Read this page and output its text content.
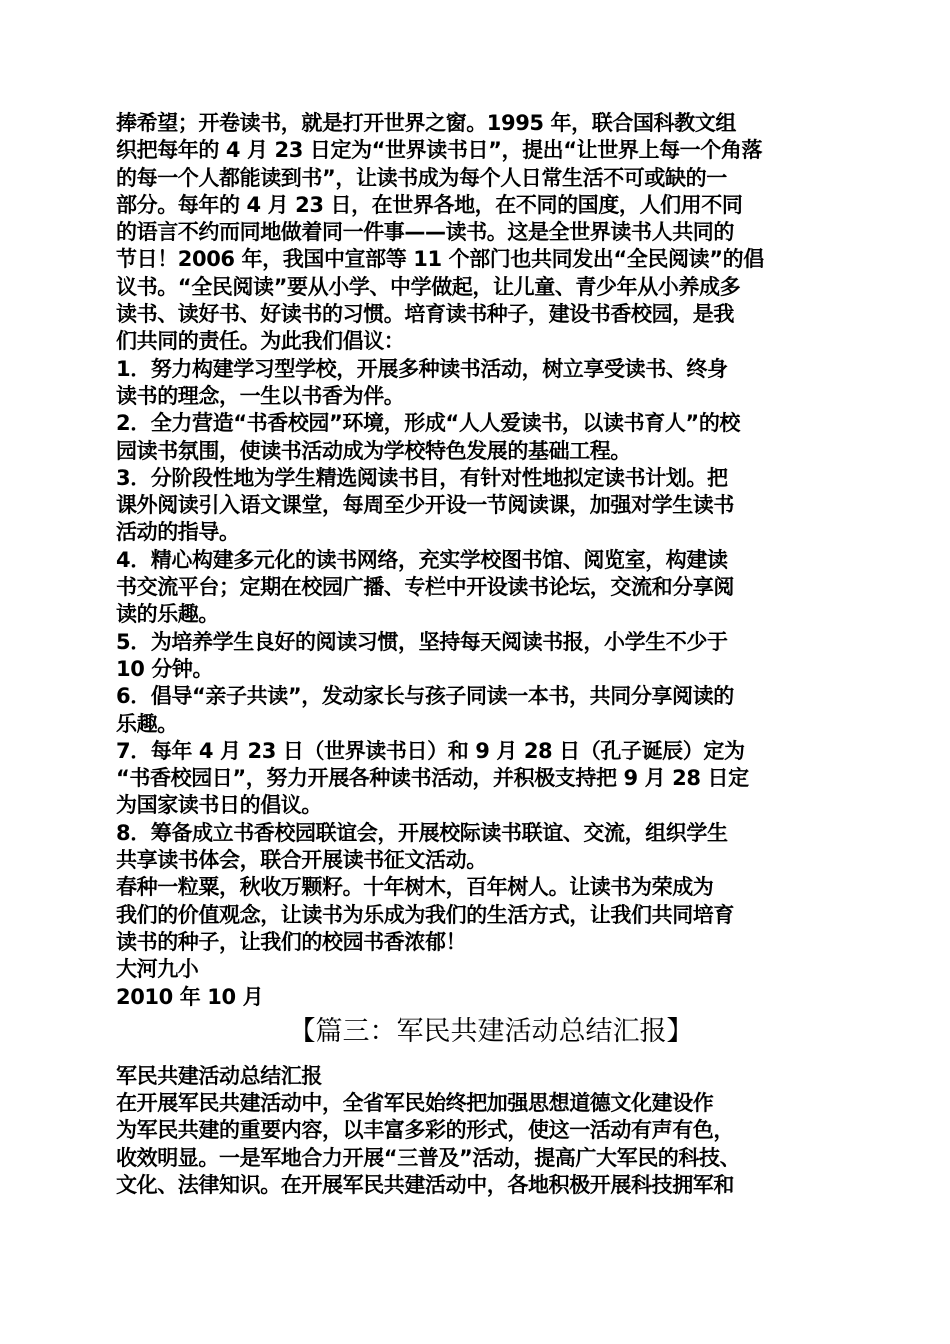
捧希望；开卷读书，就是打开世界之窗。1995 年，联合国科教文组
织把每年的 4 月 23 日定为“世界读书日”，提出“让世界上每一个角落
的每一个人都能读到书”，让读书成为每个人日常生活不可或缺的一
部分。每年的 4 月 23 日，在世界各地，在不同的国度，人们用不同
的语言不约而同地做着同一件事——读书。这是全世界读书人共同的
节日！2006 年，我国中宣部等 11 个部门也共同发出“全民阅读”的倡
议书。“全民阅读”要从小学、中学做起，让儿童、青少年从小养成多
读书、读好书、好读书的习惯。培育读书种子，建设书香校园，是我
们共同的责任。为此我们倡议：
1．努力构建学习型学校，开展多种读书活动，树立享受读书、终身
读书的理念，一生以书香为伴。
2．全力营造“书香校园”环境，形成“人人爱读书，以读书育人”的校
园读书氛围，使读书活动成为学校特色发展的基础工程。
3．分阶段性地为学生精选阅读书目，有针对性地拟定读书计划。把
课外阅读引入语文课堂，每周至少开设一节阅读课，加强对学生读书
活动的指导。
4．精心构建多元化的读书网络，充实学校图书馆、阅览室，构建读
书交流平台；定期在校园广播、专栏中开设读书论坛，交流和分享阅
读的乐趣。
5．为培养学生良好的阅读习惯，坚持每天阅读书报，小学生不少于
10 分钟。
6．倡导“亲子共读”，发动家长与孩子同读一本书，共同分享阅读的
乐趣。
7．每年 4 月 23 日（世界读书日）和 9 月 28 日（孔子诞辰）定为
“书香校园日”，努力开展各种读书活动，并积极支持把 9 月 28 日定
为国家读书日的倡议。
8．筹备成立书香校园联谊会，开展校际读书联谊、交流，组织学生
共享读书体会，联合开展读书征文活动。
春种一粒粟，秋收万颗籽。十年树木，百年树人。让读书为荣成为
我们的价值观念，让读书为乐成为我们的生活方式，让我们共同培育
读书的种子，让我们的校园书香浓郁！
大河九小
2010 年 10 月
【篇三：军民共建活动总结汇报】
军民共建活动总结汇报
在开展军民共建活动中，全省军民始终把加强思想道德文化建设作
为军民共建的重要内容，以丰富多彩的形式，使这一活动有声有色，
收效明显。一是军地合力开展“三普及”活动，提高广大军民的科技、
文化、法律知识。在开展军民共建活动中，各地积极开展科技拥军和
